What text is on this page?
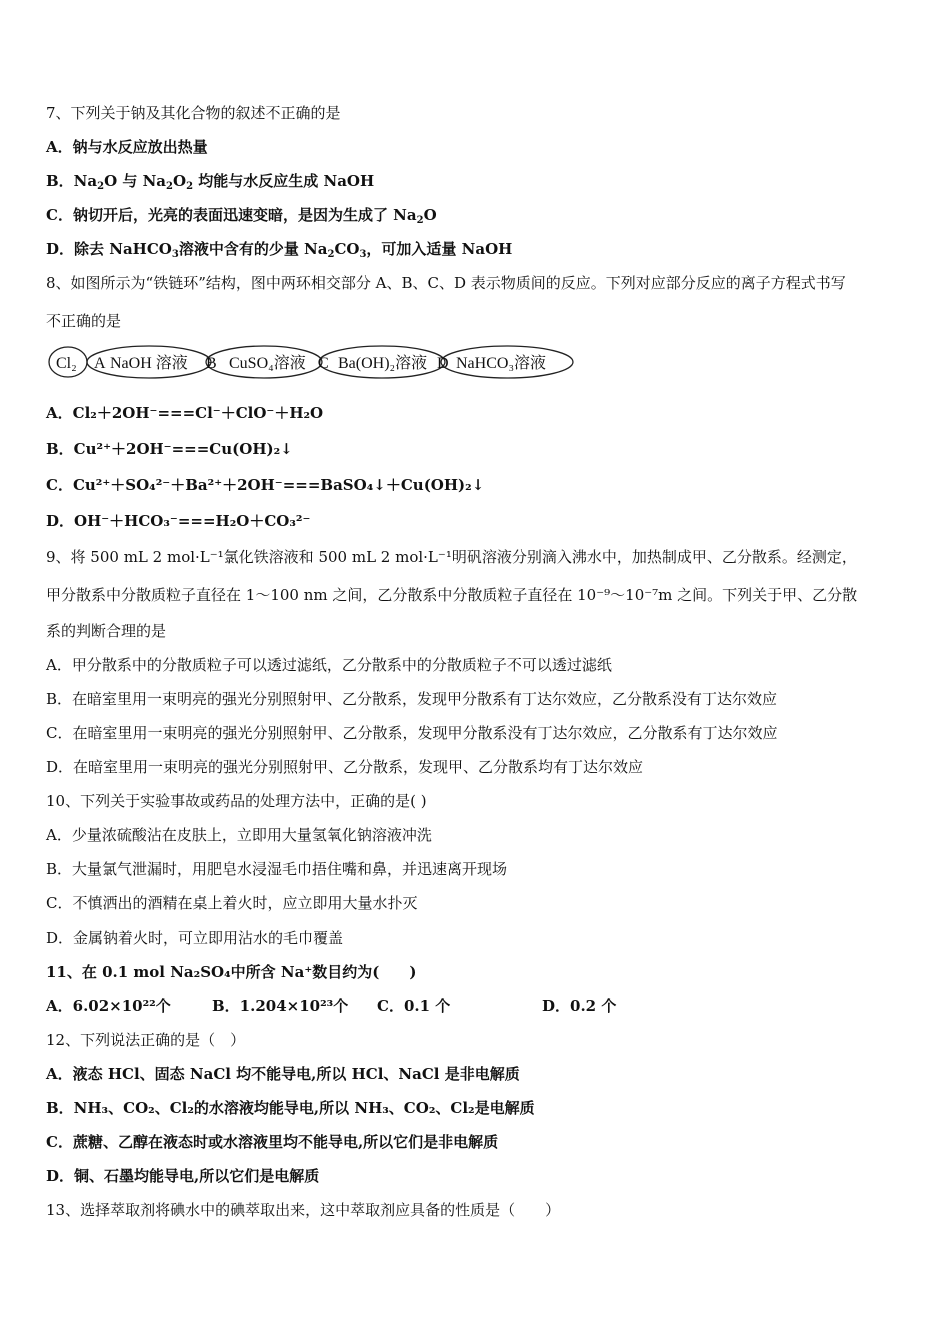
7、下列关于钠及其化合物的叙述不正确的是
A．钠与水反应放出热量
B．$Na_2O$ 与 $Na_2O_2$ 均能与水反应生成 NaOH
C．钠切开后，光亮的表面迅速变暗，是因为生成了 $Na_2O$
D．除去 NaHCO$_3$溶液中含有的少量 $Na_2CO_3$，可加入适量 NaOH
8、如图所示为“铁链环”结构，图中两环相交部分 A、B、C、D 表示物质间的反应。下列对应部分反应的离子方程式书写
不正确的是
Cl₂ A NaOH 溶液 B CuSO₄溶液 C Ba(OH)₂溶液 D NaHCO₃溶液
A．Cl₂＋2OH⁻===Cl⁻＋ClO⁻＋H₂O
B．Cu²⁺＋2OH⁻===Cu(OH)₂↓
C．Cu²⁺＋SO₄²⁻＋Ba²⁺＋2OH⁻===BaSO₄↓＋Cu(OH)₂↓
D．OH⁻＋HCO₃⁻===H₂O＋CO₃²⁻
9、将 500 mL 2 mol·L⁻¹氯化铁溶液和 500 mL 2 mol·L⁻¹明矾溶液分别滴入沸水中，加热制成甲、乙分散系。经测定，
甲分散系中分散质粒子直径在 1～100 nm 之间，乙分散系中分散质粒子直径在 10⁻⁹～10⁻⁷m 之间。下列关于甲、乙分散
系的判断合理的是
A．甲分散系中的分散质粒子可以透过滤纸，乙分散系中的分散质粒子不可以透过滤纸
B．在暗室里用一束明亮的强光分别照射甲、乙分散系，发现甲分散系有丁达尔效应，乙分散系没有丁达尔效应
C．在暗室里用一束明亮的强光分别照射甲、乙分散系，发现甲分散系没有丁达尔效应，乙分散系有丁达尔效应
D．在暗室里用一束明亮的强光分别照射甲、乙分散系，发现甲、乙分散系均有丁达尔效应
10、下列关于实验事故或药品的处理方法中，正确的是( )
A．少量浓硫酸沾在皮肤上，立即用大量氢氧化钠溶液冲洗
B．大量氯气泄漏时，用肥皂水浸湿毛巾捂住嘴和鼻，并迅速离开现场
C．不慎洒出的酒精在桌上着火时，应立即用大量水扑灭
D．金属钠着火时，可立即用沾水的毛巾覆盖
11、在 0.1 mol Na₂SO₄中所含 Na⁺数目约为(　　)
A．6.02×10²²个	B．1.204×10²³个 C．0.1 个	D．0.2 个
12、下列说法正确的是（　）
A．液态 HCl、固态 NaCl 均不能导电,所以 HCl、NaCl 是非电解质
B．NH₃、CO₂、Cl₂的水溶液均能导电,所以 NH₃、CO₂、Cl₂是电解质
C．蔗糖、乙醇在液态时或水溶液里均不能导电,所以它们是非电解质
D．铜、石墨均能导电,所以它们是电解质
13、选择萃取剂将碘水中的碘萃取出来，这中萃取剂应具备的性质是（　　）
